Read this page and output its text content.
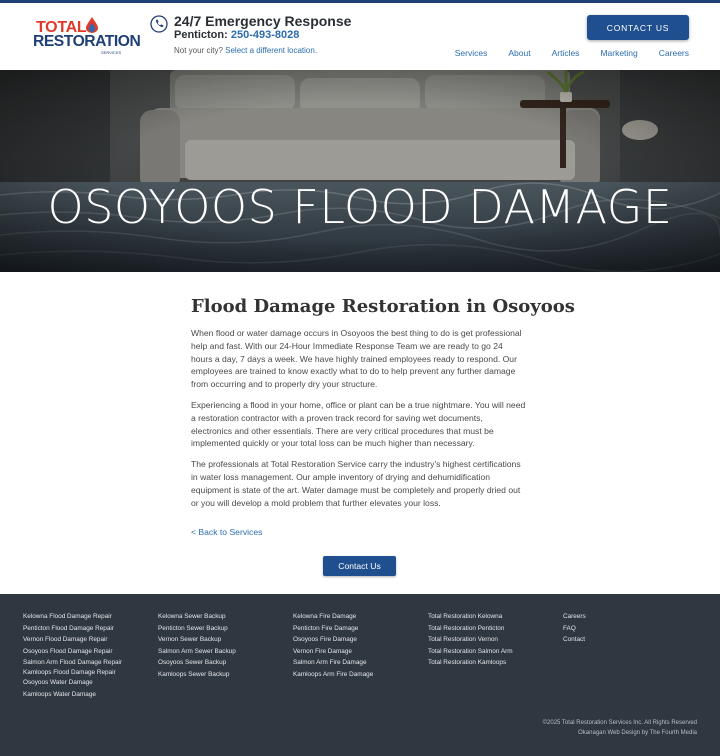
TOTAL
RESTORATION
SERVICES
24/7 Emergency Response
Penticton: 250-493-8028
Not your city? Select a different location.
CONTACT US
Services About Articles Marketing Careers
OSOYOOS FLOOD DAMAGE
Flood Damage Restoration in Osoyoos

When flood or water damage occurs in Osoyoos the best thing to do is get professional help and fast. With our 24-Hour Immediate Response Team we are ready to go 24 hours a day, 7 days a week. We have highly trained employees ready to respond. Our employees are trained to know exactly what to do to help prevent any further damage from occurring and to properly dry your structure.

Experiencing a flood in your home, office or plant can be a true nightmare. You will need a restoration contractor with a proven track record for saving wet documents, electronics and other essentials. There are very critical procedures that must be implemented quickly or your total loss can be much higher than necessary.

The professionals at Total Restoration Service carry the industry's highest certifications in water loss management. Our ample inventory of drying and dehumidification equipment is state of the art. Water damage must be completely and properly dried out or you will develop a mold problem that further elevates your loss.

< Back to Services
Contact Us
Kelowna Flood Damage Repair
Penticton Flood Damage Repair
Vernon Flood Damage Repair
Osoyoos Flood Damage Repair
Salmon Arm Flood Damage Repair
Kamloops Flood Damage Repair
Osoyoos Water Damage
Kamloops Water Damage
Kelowna Sewer Backup
Penticton Sewer Backup
Vernon Sewer Backup
Salmon Arm Sewer Backup
Osoyoos Sewer Backup
Kamloops Sewer Backup
Kelowna Fire Damage
Penticton Fire Damage
Osoyoos Fire Damage
Vernon Fire Damage
Salmon Arm Fire Damage
Kamloops Arm Fire Damage
Total Restoration Kelowna
Total Restoration Penticton
Total Restoration Vernon
Total Restoration Salmon Arm
Total Restoration Kamloops
Careers
FAQ
Contact
©2025 Total Restoration Services Inc. All Rights Reserved
Okanagan Web Design by The Fourth Media
